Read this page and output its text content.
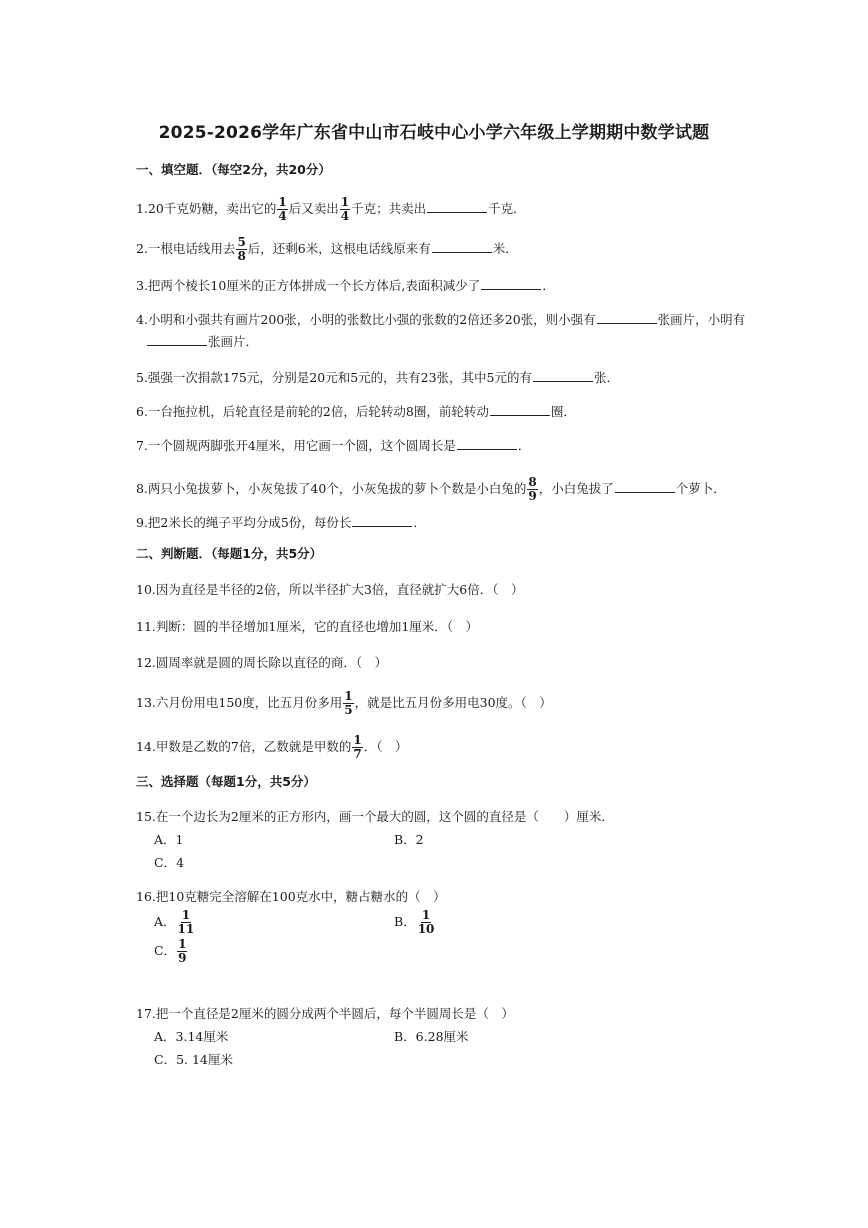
2025-2026学年广东省中山市石岐中心小学六年级上学期期中数学试题
一、填空题．（每空2分，共20分）
1.20千克奶糖，卖出它的 $\frac{1}{4}$ 后又卖出 $\frac{1}{4}$ 千克；共卖出	千克．
2.一根电话线用去 $\frac{5}{8}$ 后，还剩6米，这根电话线原来有	米．
3.把两个棱长10厘米的正方体拼成一个长方体后,表面积减少了	．
4.小明和小强共有画片200张，小明的张数比小强的张数的2倍还多20张，则小强有	张画片，小明有
张画片．
5.强强一次捐款175元，分别是20元和5元的，共有23张，其中5元的有	张．
6.一台拖拉机，后轮直径是前轮的2倍，后轮转动8圈，前轮转动	圈．
7.一个圆规两脚张开4厘米，用它画一个圆，这个圆周长是	．
8.两只小兔拔萝卜，小灰兔拔了40个，小灰兔拔的萝卜个数是小白兔的 $\frac{8}{9}$ ，小白兔拔了	个萝卜．
9.把2米长的绳子平均分成5份，每份长	．
二、判断题．（每题1分，共5分）
10.因为直径是半径的2倍，所以半径扩大3倍，直径就扩大6倍．（　）
11.判断：圆的半径增加1厘米，它的直径也增加1厘米．（　）
12.圆周率就是圆的周长除以直径的商．（　）
13.六月份用电150度，比五月份多用 $\frac{1}{5}$ ，就是比五月份多用电30度。（　）
14.甲数是乙数的7倍，乙数就是甲数的 $\frac{1}{7}$ ．（　）
三、选择题（每题1分，共5分）
15.在一个边长为2厘米的正方形内，画一个最大的圆，这个圆的直径是（　　）厘米．
A．1	B．2
C．4
16.把10克糖完全溶解在100克水中，糖占糖水的（　）
A． $\frac{1}{11}$	B． $\frac{1}{10}$
C． $\frac{1}{9}$
17.把一个直径是2厘米的圆分成两个半圆后，每个半圆周长是（　）
A．3.14厘米	B．6.28厘米
C．5. 14厘米
